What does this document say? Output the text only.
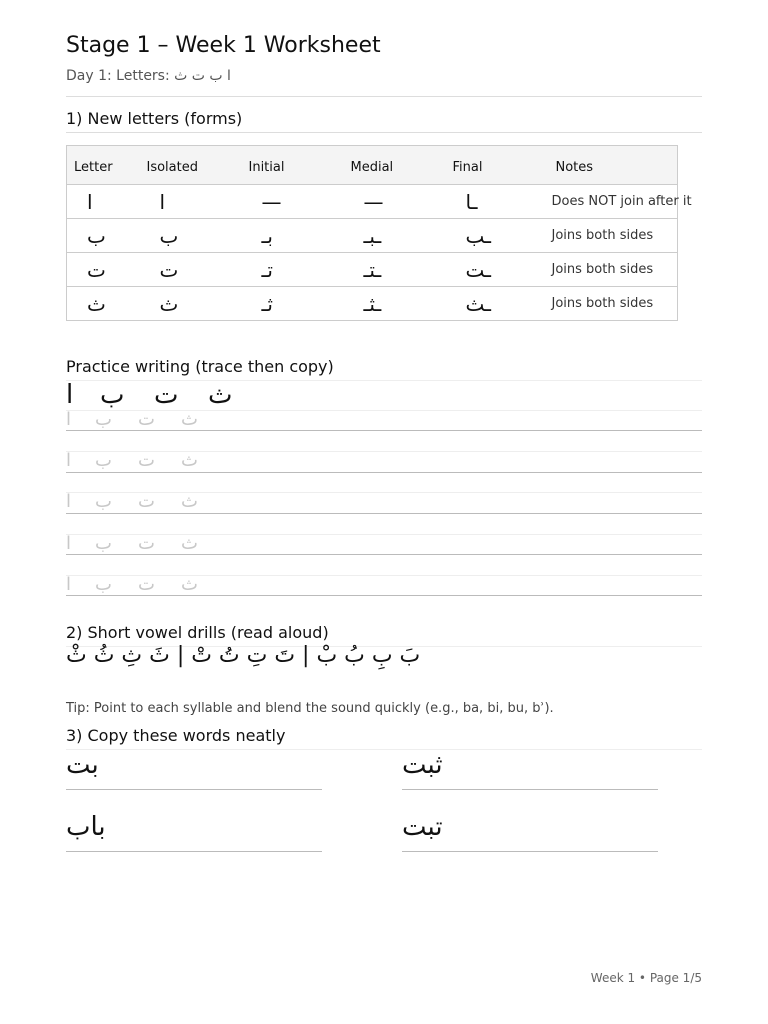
Stage 1 – Week 1 Worksheet
Day 1: Letters: ا ب ت ث
1) New letters (forms)
Letter	Isolated	Initial	Medial	Final	Notes
ا	ا	—	—	ـا	Does NOT join after it
ب	ب	بـ	ـبـ	ـب	Joins both sides
ت	ت	تـ	ـتـ	ـت	Joins both sides
ث	ث	ثـ	ـثـ	ـث	Joins both sides
Practice writing (trace then copy)
ا ب ت ث
ا ب ت ث
ا ب ت ث
ا ب ت ث
ا ب ت ث
ا ب ت ث
2) Short vowel drills (read aloud)
بَ بِ بُ بْ | تَ تِ تُ تْ | ثَ ثِ ثُ ثْ
Tip: Point to each syllable and blend the sound quickly (e.g., ba, bi, bu, bʾ).
3) Copy these words neatly
بت	ثبت
باب	تبت
Week 1 • Page 1/5
